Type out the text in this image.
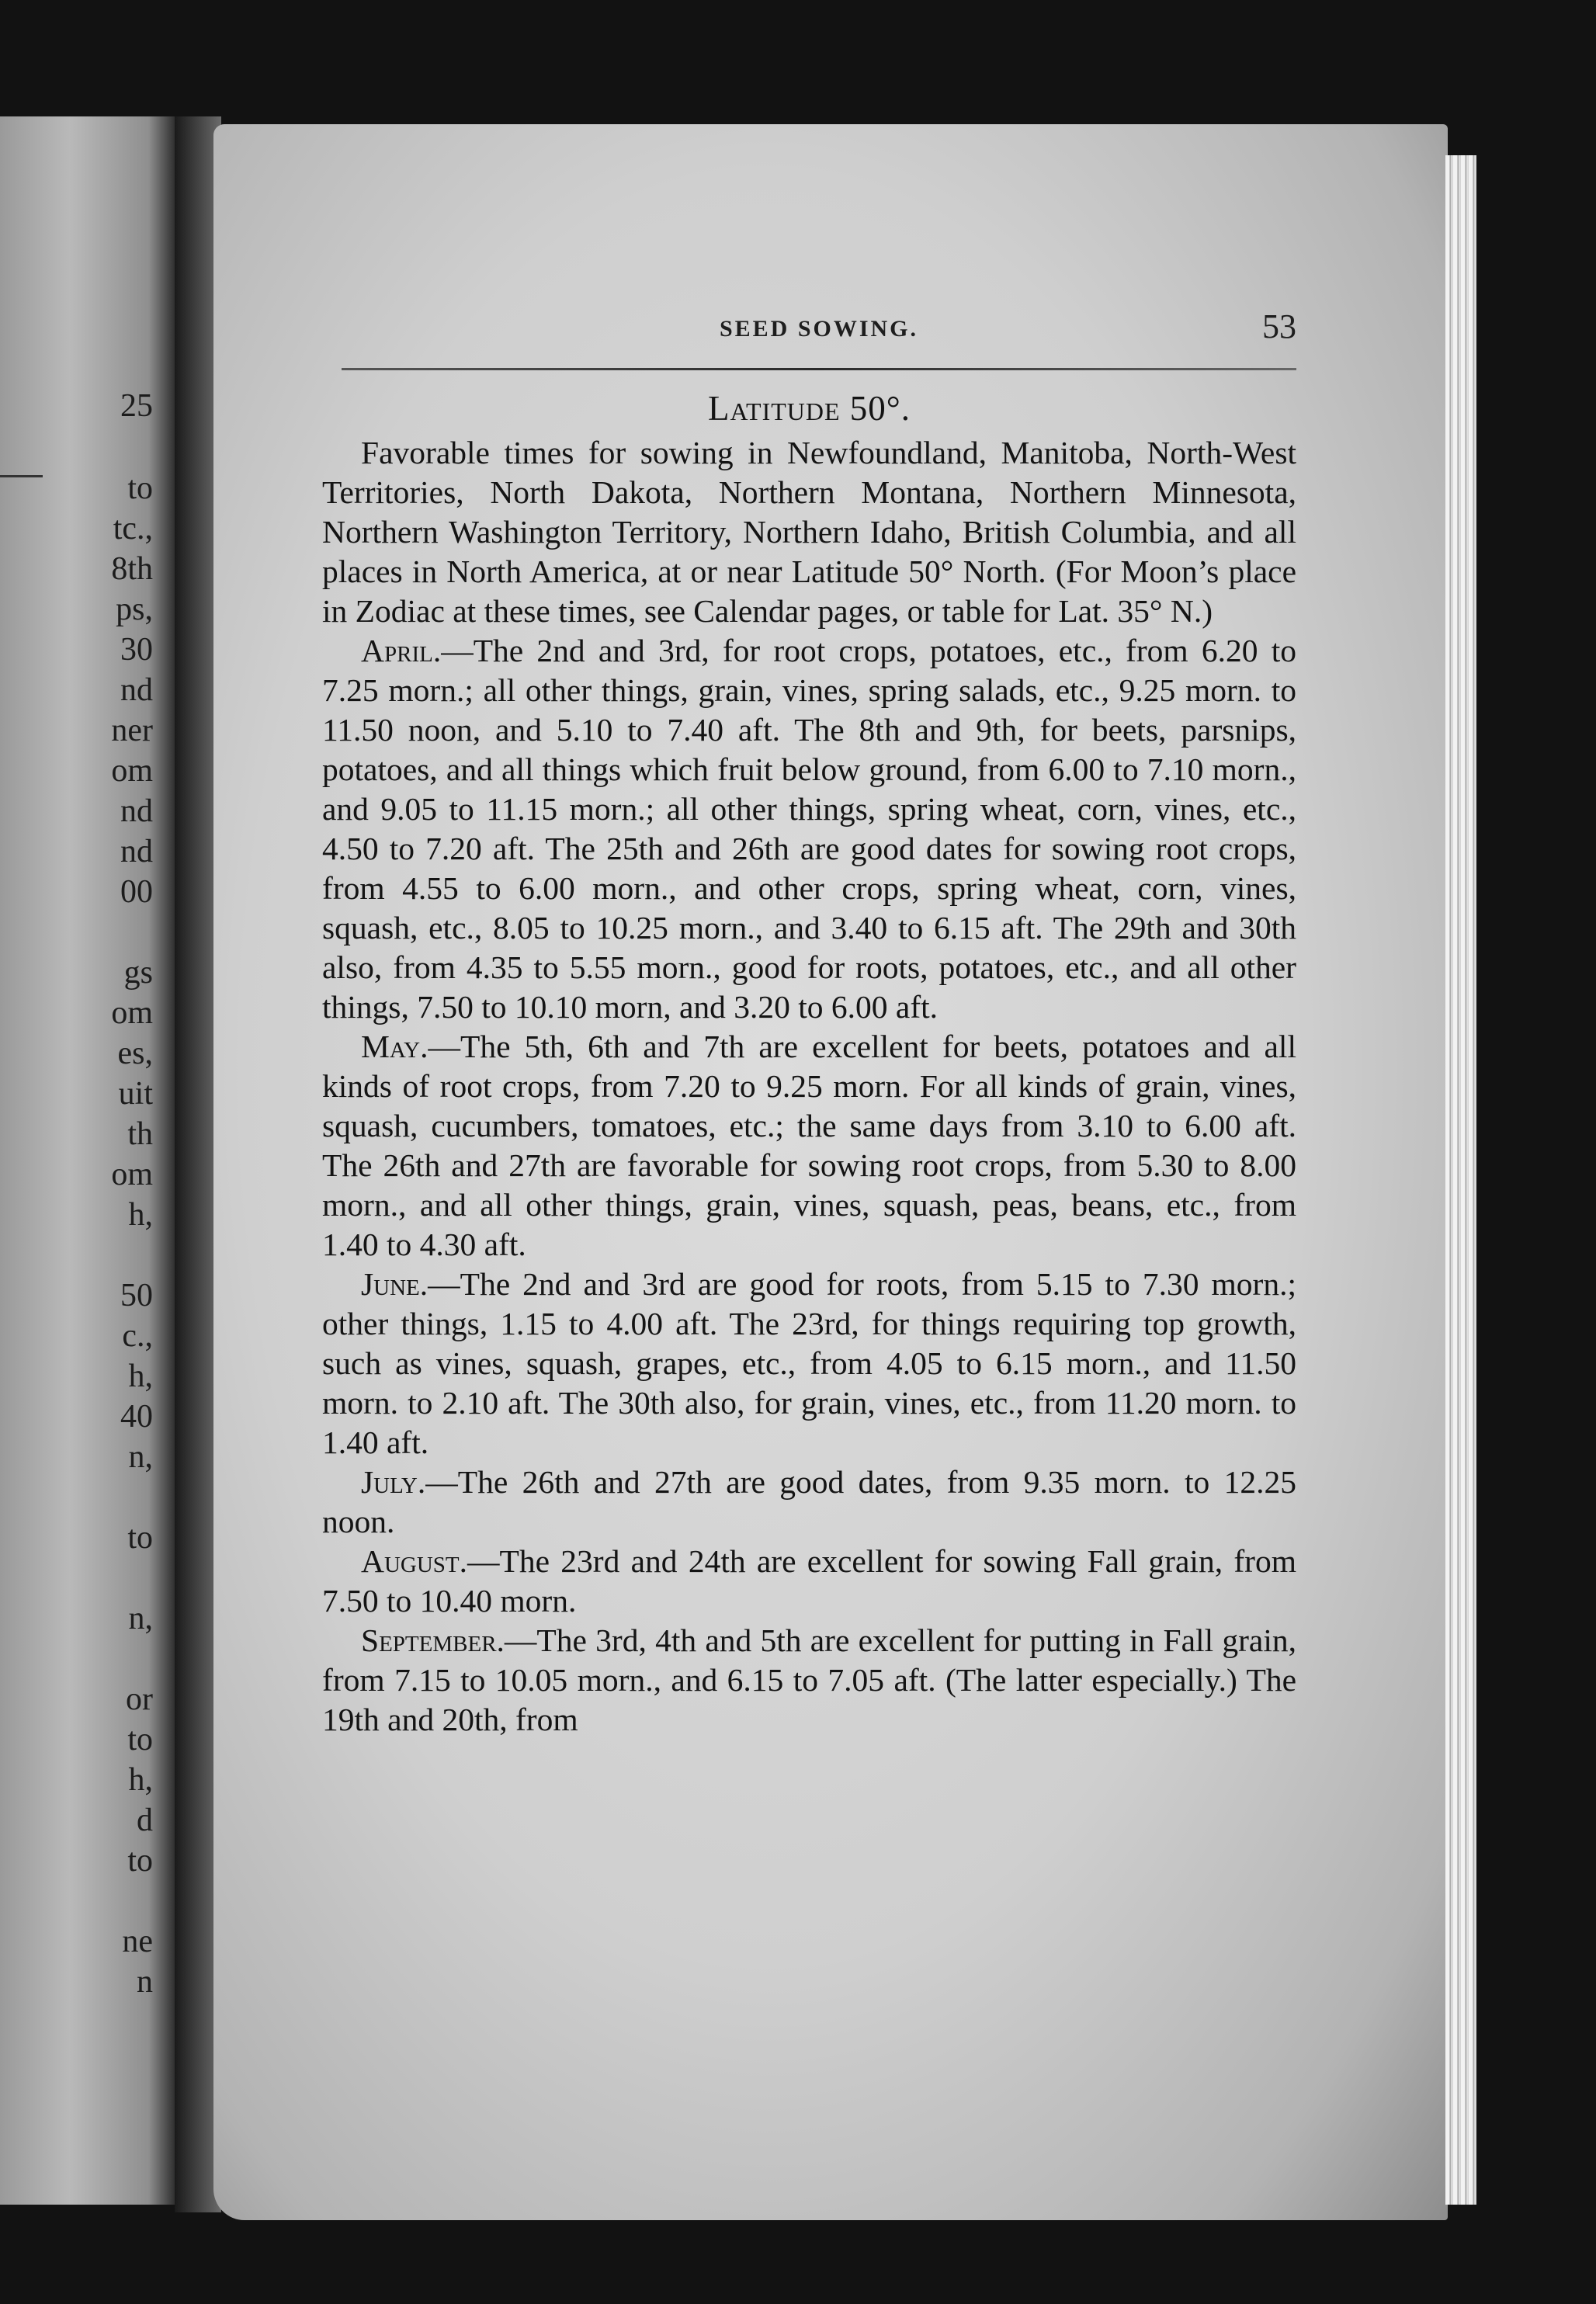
25
to
tc.,
8th
ps,
30
nd
ner
om
nd
nd
00
gs
om
es,
uit
th
om
h,
50
c.,
h,
40
n,
to
n,
or
to
h,
d
to
ne
n
SEED SOWING.	53

Latitude 50°.

Favorable times for sowing in Newfoundland, Manitoba, North-West Territories, North Dakota, Northern Montana, Northern Minnesota, Northern Washington Territory, Northern Idaho, British Columbia, and all places in North America, at or near Latitude 50° North. (For Moon’s place in Zodiac at these times, see Calendar pages, or table for Lat. 35° N.)

April.—The 2nd and 3rd, for root crops, potatoes, etc., from 6.20 to 7.25 morn.; all other things, grain, vines, spring salads, etc., 9.25 morn. to 11.50 noon, and 5.10 to 7.40 aft. The 8th and 9th, for beets, parsnips, potatoes, and all things which fruit below ground, from 6.00 to 7.10 morn., and 9.05 to 11.15 morn.; all other things, spring wheat, corn, vines, etc., 4.50 to 7.20 aft. The 25th and 26th are good dates for sowing root crops, from 4.55 to 6.00 morn., and other crops, spring wheat, corn, vines, squash, etc., 8.05 to 10.25 morn., and 3.40 to 6.15 aft. The 29th and 30th also, from 4.35 to 5.55 morn., good for roots, potatoes, etc., and all other things, 7.50 to 10.10 morn, and 3.20 to 6.00 aft.

May.—The 5th, 6th and 7th are excellent for beets, potatoes and all kinds of root crops, from 7.20 to 9.25 morn. For all kinds of grain, vines, squash, cucumbers, tomatoes, etc.; the same days from 3.10 to 6.00 aft. The 26th and 27th are favorable for sowing root crops, from 5.30 to 8.00 morn., and all other things, grain, vines, squash, peas, beans, etc., from 1.40 to 4.30 aft.

June.—The 2nd and 3rd are good for roots, from 5.15 to 7.30 morn.; other things, 1.15 to 4.00 aft. The 23rd, for things requiring top growth, such as vines, squash, grapes, etc., from 4.05 to 6.15 morn., and 11.50 morn. to 2.10 aft. The 30th also, for grain, vines, etc., from 11.20 morn. to 1.40 aft.

July.—The 26th and 27th are good dates, from 9.35 morn. to 12.25 noon.

August.—The 23rd and 24th are excellent for sowing Fall grain, from 7.50 to 10.40 morn.

September.—The 3rd, 4th and 5th are excellent for putting in Fall grain, from 7.15 to 10.05 morn., and 6.15 to 7.05 aft. (The latter especially.) The 19th and 20th, from
